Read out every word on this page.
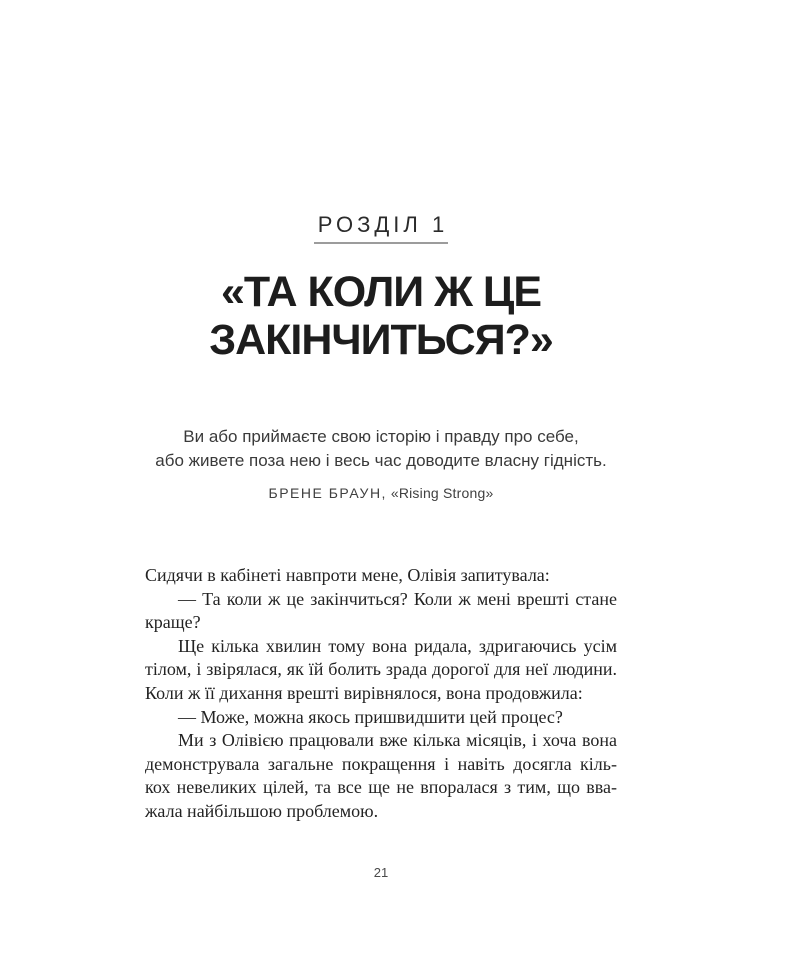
РОЗДІЛ 1
«ТА КОЛИ Ж ЦЕ
ЗАКІНЧИТЬСЯ?»
Ви або приймаєте свою історію і правду про себе,
або живете поза нею і весь час доводите власну гідність.
БРЕНЕ БРАУН, «Rising Strong»
Сидячи в кабінеті навпроти мене, Олівія запитувала:
— Та коли ж це закінчиться? Коли ж мені врешті стане
краще?
Ще кілька хвилин тому вона ридала, здригаючись усім
тілом, і звірялася, як їй болить зрада дорогої для неї людини.
Коли ж її дихання врешті вирівнялося, вона продовжила:
— Може, можна якось пришвидшити цей процес?
Ми з Олівією працювали вже кілька місяців, і хоча вона
демонструвала загальне покращення і навіть досягла кіль-
кох невеликих цілей, та все ще не впоралася з тим, що вва-
жала найбільшою проблемою.
21
